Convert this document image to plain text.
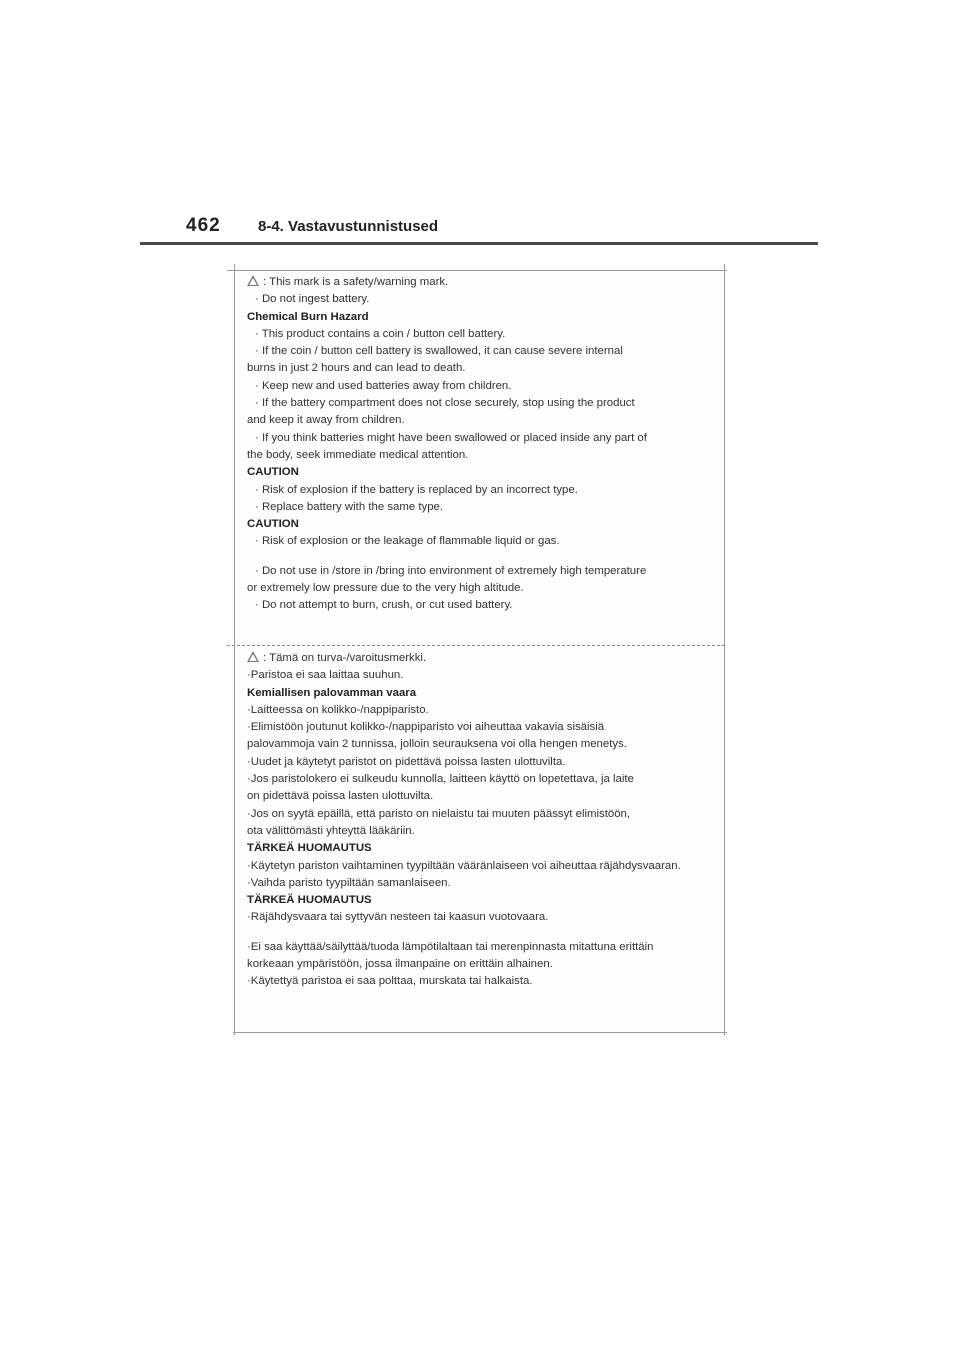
462 8-4. Vastavustunnistused
: This mark is a safety/warning mark.
· Do not ingest battery.
Chemical Burn Hazard
· This product contains a coin / button cell battery.
· If the coin / button cell battery is swallowed, it can cause severe internal
burns in just 2 hours and can lead to death.
· Keep new and used batteries away from children.
· If the battery compartment does not close securely, stop using the product
and keep it away from children.
· If you think batteries might have been swallowed or placed inside any part of
the body, seek immediate medical attention.
CAUTION
· Risk of explosion if the battery is replaced by an incorrect type.
· Replace battery with the same type.
CAUTION
· Risk of explosion or the leakage of flammable liquid or gas.
· Do not use in /store in /bring into environment of extremely high temperature
or extremely low pressure due to the very high altitude.
· Do not attempt to burn, crush, or cut used battery.
: Tämä on turva-/varoitusmerkki.
·Paristoa ei saa laittaa suuhun.
Kemiallisen palovamman vaara
·Laitteessa on kolikko-/nappiparisto.
·Elimistöön joutunut kolikko-/nappiparisto voi aiheuttaa vakavia sisäisiä
palovammoja vain 2 tunnissa, jolloin seurauksena voi olla hengen menetys.
·Uudet ja käytetyt paristot on pidettävä poissa lasten ulottuvilta.
·Jos paristolokero ei sulkeudu kunnolla, laitteen käyttö on lopetettava, ja laite
on pidettävä poissa lasten ulottuvilta.
·Jos on syytä epäillä, että paristo on nielaistu tai muuten päässyt elimistöön,
ota välittömästi yhteyttä lääkäriin.
TÄRKEÄ HUOMAUTUS
·Käytetyn pariston vaihtaminen tyypiltään vääränlaiseen voi aiheuttaa räjähdysvaaran.
·Vaihda paristo tyypiltään samanlaiseen.
TÄRKEÄ HUOMAUTUS
·Räjähdysvaara tai syttyvän nesteen tai kaasun vuotovaara.
·Ei saa käyttää/säilyttää/tuoda lämpötilaltaan tai merenpinnasta mitattuna erittäin
korkeaan ympäristöön, jossa ilmanpaine on erittäin alhainen.
·Käytettyä paristoa ei saa polttaa, murskata tai halkaista.
